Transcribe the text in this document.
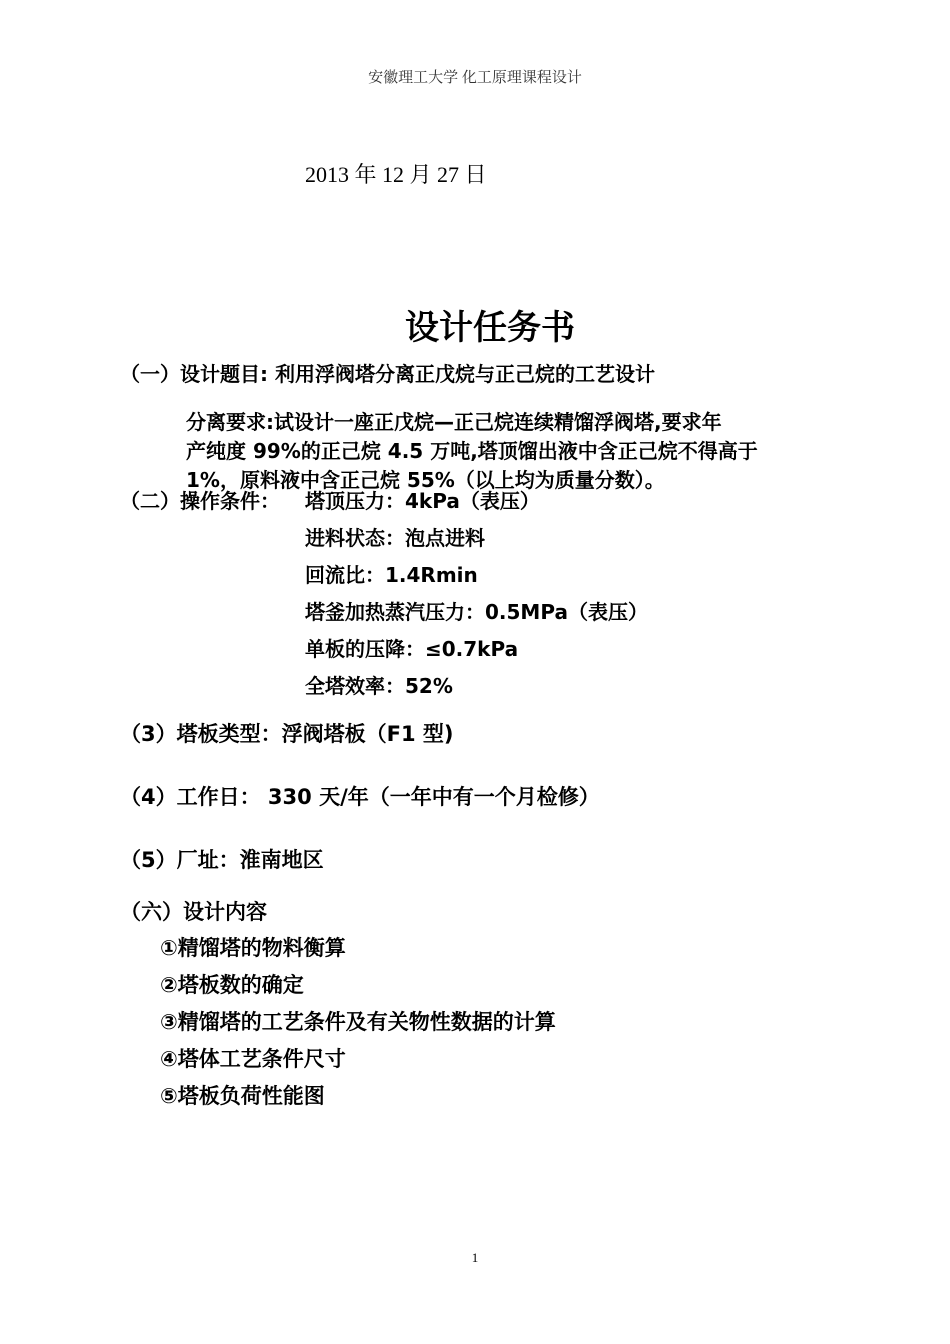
安徽理工大学 化工原理课程设计
2013 年 12 月 27 日
设计任务书
（一）设计题目: 利用浮阀塔分离正戊烷与正己烷的工艺设计
分离要求:试设计一座正戊烷—正己烷连续精馏浮阀塔,要求年
产纯度 99%的正己烷 4.5 万吨,塔顶馏出液中含正己烷不得高于
1%，原料液中含正己烷 55%（以上均为质量分数）。
（二）操作条件： 塔顶压力：4kPa（表压）
进料状态：泡点进料
回流比：1.4Rmin
塔釜加热蒸汽压力：0.5MPa（表压）
单板的压降：≤0.7kPa
全塔效率：52%
（3）塔板类型：浮阀塔板（F1 型)
（4）工作日： 330 天/年（一年中有一个月检修）
（5）厂址：淮南地区
（六）设计内容
①精馏塔的物料衡算
②塔板数的确定
③精馏塔的工艺条件及有关物性数据的计算
④塔体工艺条件尺寸
⑤塔板负荷性能图
1
